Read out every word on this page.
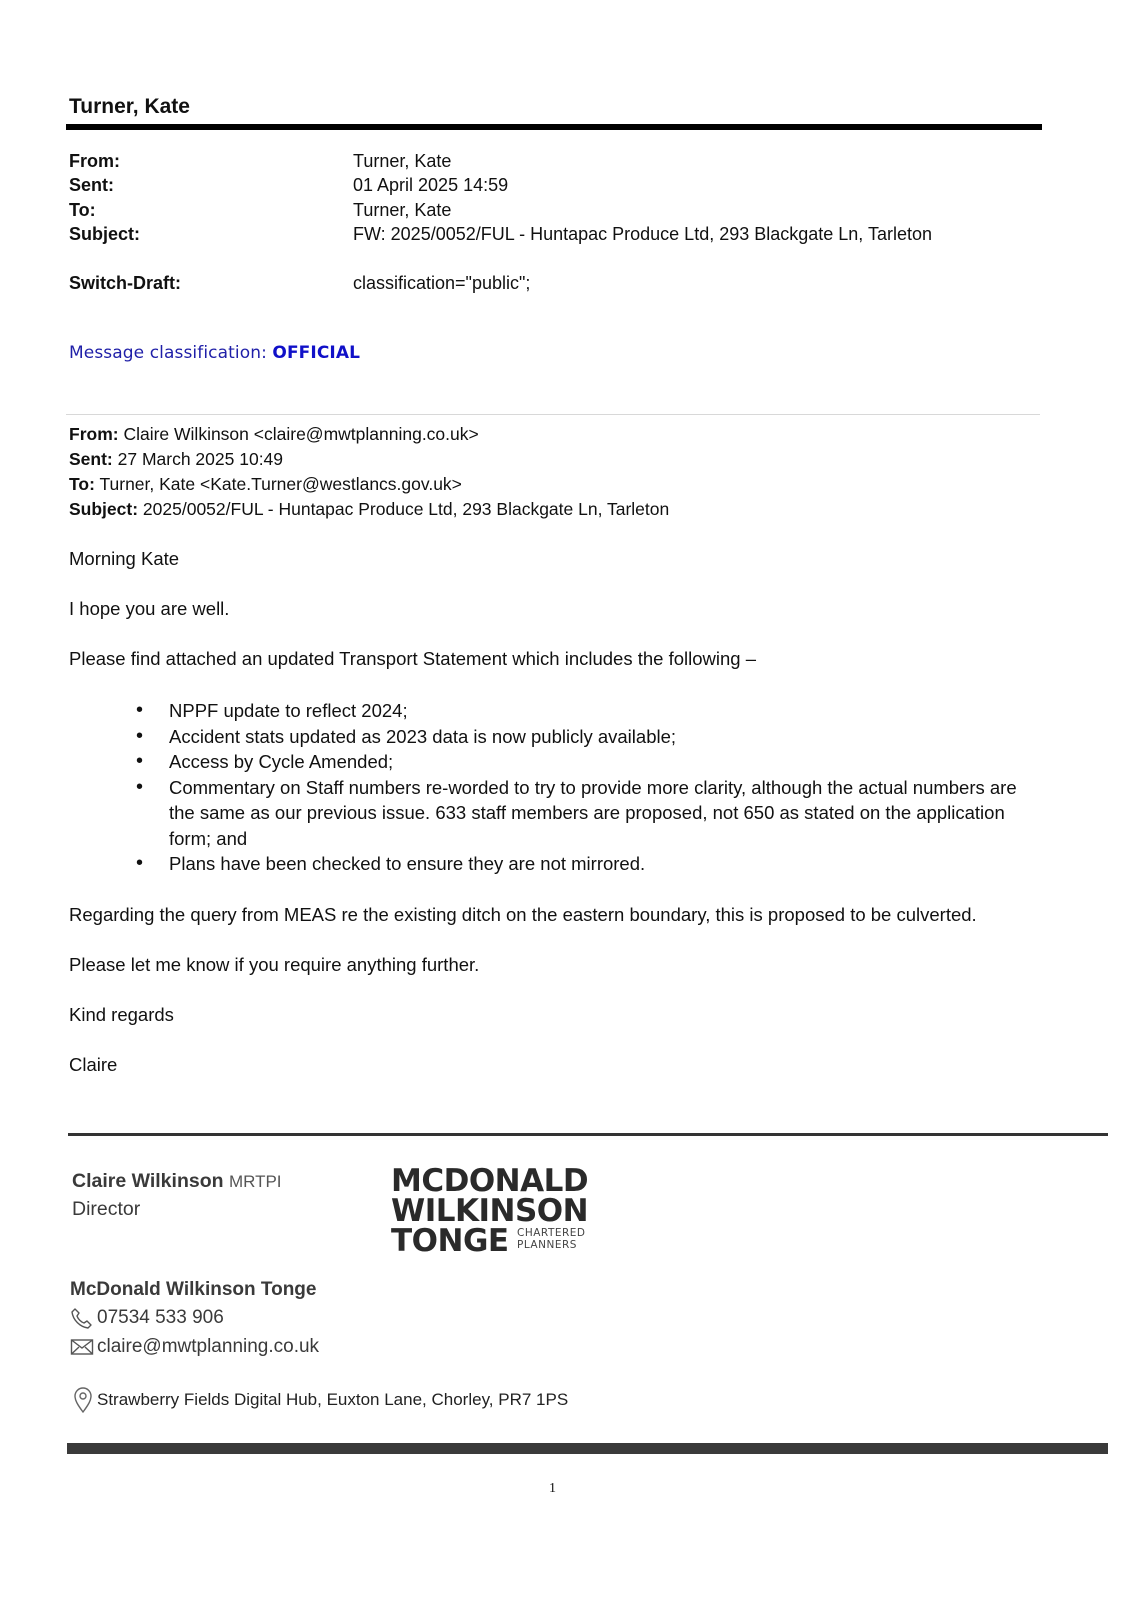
Turner, Kate
From:	Turner, Kate
Sent:	01 April 2025 14:59
To:	Turner, Kate
Subject:	FW: 2025/0052/FUL - Huntapac Produce Ltd, 293 Blackgate Ln, Tarleton
Switch-Draft:	classification="public";
Message classification: OFFICIAL
From: Claire Wilkinson <claire@mwtplanning.co.uk>
Sent: 27 March 2025 10:49
To: Turner, Kate <Kate.Turner@westlancs.gov.uk>
Subject: 2025/0052/FUL - Huntapac Produce Ltd, 293 Blackgate Ln, Tarleton
Morning Kate
I hope you are well.
Please find attached an updated Transport Statement which includes the following –
• NPPF update to reflect 2024;
• Accident stats updated as 2023 data is now publicly available;
• Access by Cycle Amended;
• Commentary on Staff numbers re-worded to try to provide more clarity, although the actual numbers are the same as our previous issue. 633 staff members are proposed, not 650 as stated on the application form; and
• Plans have been checked to ensure they are not mirrored.
Regarding the query from MEAS re the existing ditch on the eastern boundary, this is proposed to be culverted.
Please let me know if you require anything further.
Kind regards
Claire
Claire Wilkinson MRTPI
Director
MCDONALD
WILKINSON
TONGE CHARTERED
PLANNERS
McDonald Wilkinson Tonge
07534 533 906
claire@mwtplanning.co.uk
Strawberry Fields Digital Hub, Euxton Lane, Chorley, PR7 1PS
1
